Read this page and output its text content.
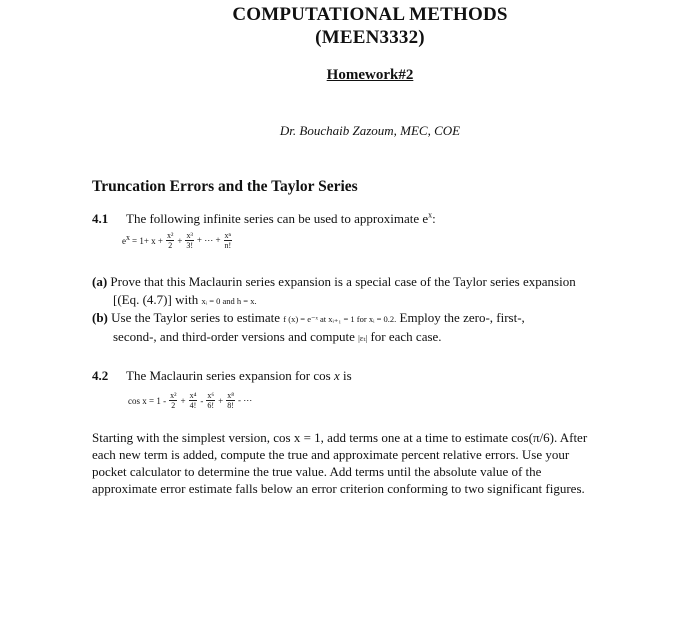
COMPUTATIONAL METHODS
(MEEN3332)
Homework#2
Dr. Bouchaib Zazoum, MEC, COE
Truncation Errors and the Taylor Series
4.1 The following infinite series can be used to approximate $e^x$:
$e^x = 1+ x + \frac{\text{x²}}{2} + \frac{\text{x³}}{3!}$ + ⋯ + $\frac{\text{xⁿ}}{n!}$
(a) Prove that this Maclaurin series expansion is a special case of the Taylor series expansion
[(Eq. (4.7)] with xᵢ = 0 and h = x.
(b) Use the Taylor series to estimate f (x) = e⁻ˣ at xᵢ₊₁ = 1 for xᵢ = 0.2. Employ the zero-, first-,
second-, and third-order versions and compute |εₜ| for each case.
4.2 The Maclaurin series expansion for cos x is
$\cos x = 1 - \frac{\text{x²}}{2} + \frac{\text{x⁴}}{4!} - \frac{\text{x⁶}}{6!} + \frac{\text{x⁸}}{8!}$ - ⋯
Starting with the simplest version, cos x = 1, add terms one at a time to estimate cos(π/6). After
each new term is added, compute the true and approximate percent relative errors. Use your
pocket calculator to determine the true value. Add terms until the absolute value of the
approximate error estimate falls below an error criterion conforming to two significant figures.
